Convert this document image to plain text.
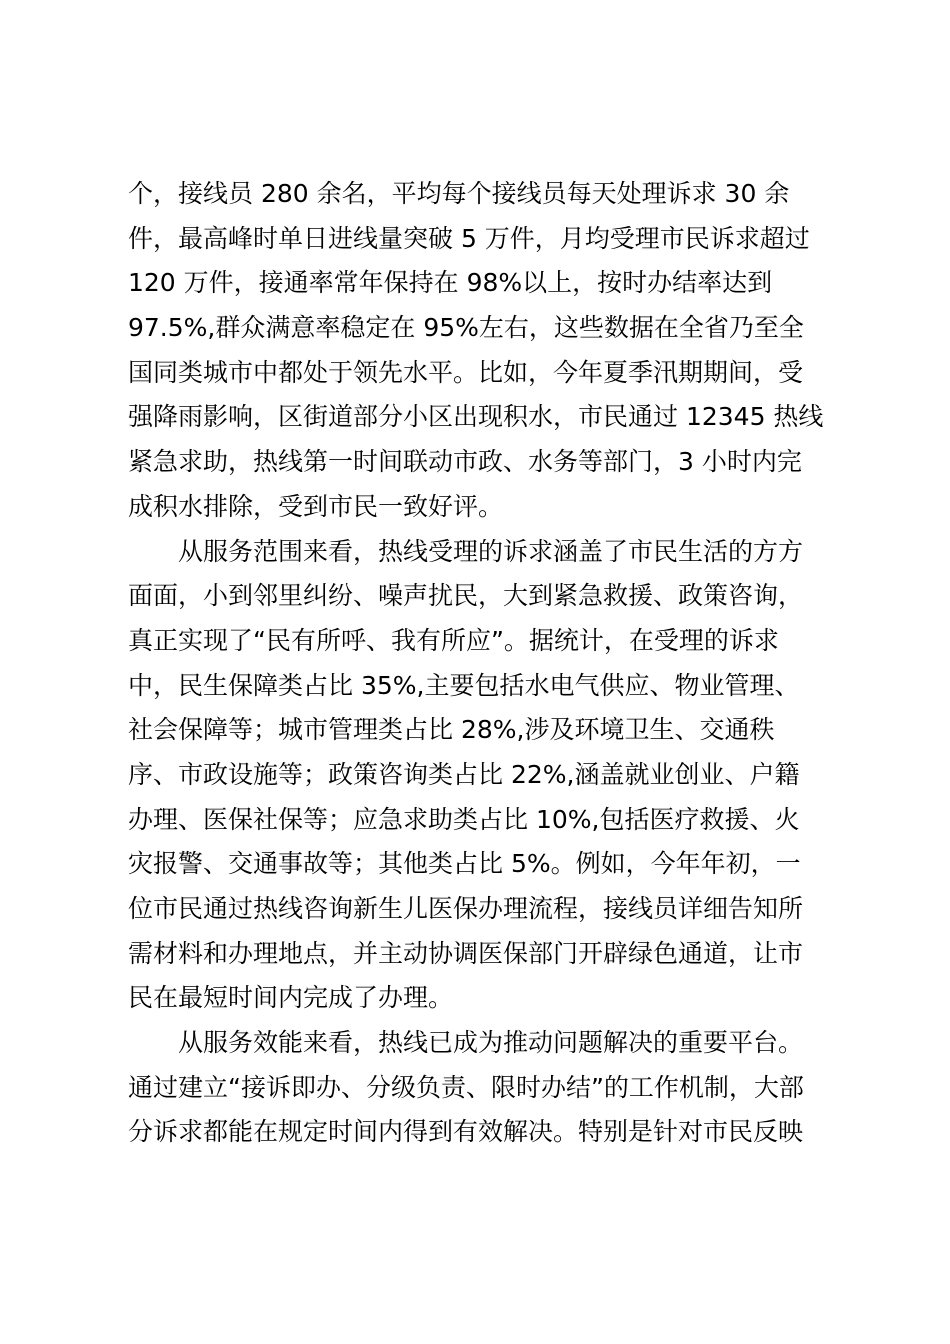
个，接线员 280 余名，平均每个接线员每天处理诉求 30 余
件，最高峰时单日进线量突破 5 万件，月均受理市民诉求超过
120 万件，接通率常年保持在 98%以上，按时办结率达到
97.5%,群众满意率稳定在 95%左右，这些数据在全省乃至全
国同类城市中都处于领先水平。比如，今年夏季汛期期间，受
强降雨影响，区街道部分小区出现积水，市民通过 12345 热线
紧急求助，热线第一时间联动市政、水务等部门，3 小时内完
成积水排除，受到市民一致好评。
　　从服务范围来看，热线受理的诉求涵盖了市民生活的方方
面面，小到邻里纠纷、噪声扰民，大到紧急救援、政策咨询，
真正实现了“民有所呼、我有所应”。据统计，在受理的诉求
中，民生保障类占比 35%,主要包括水电气供应、物业管理、
社会保障等；城市管理类占比 28%,涉及环境卫生、交通秩
序、市政设施等；政策咨询类占比 22%,涵盖就业创业、户籍
办理、医保社保等；应急求助类占比 10%,包括医疗救援、火
灾报警、交通事故等；其他类占比 5%。例如，今年年初，一
位市民通过热线咨询新生儿医保办理流程，接线员详细告知所
需材料和办理地点，并主动协调医保部门开辟绿色通道，让市
民在最短时间内完成了办理。
　　从服务效能来看，热线已成为推动问题解决的重要平台。
通过建立“接诉即办、分级负责、限时办结”的工作机制，大部
分诉求都能在规定时间内得到有效解决。特别是针对市民反映
